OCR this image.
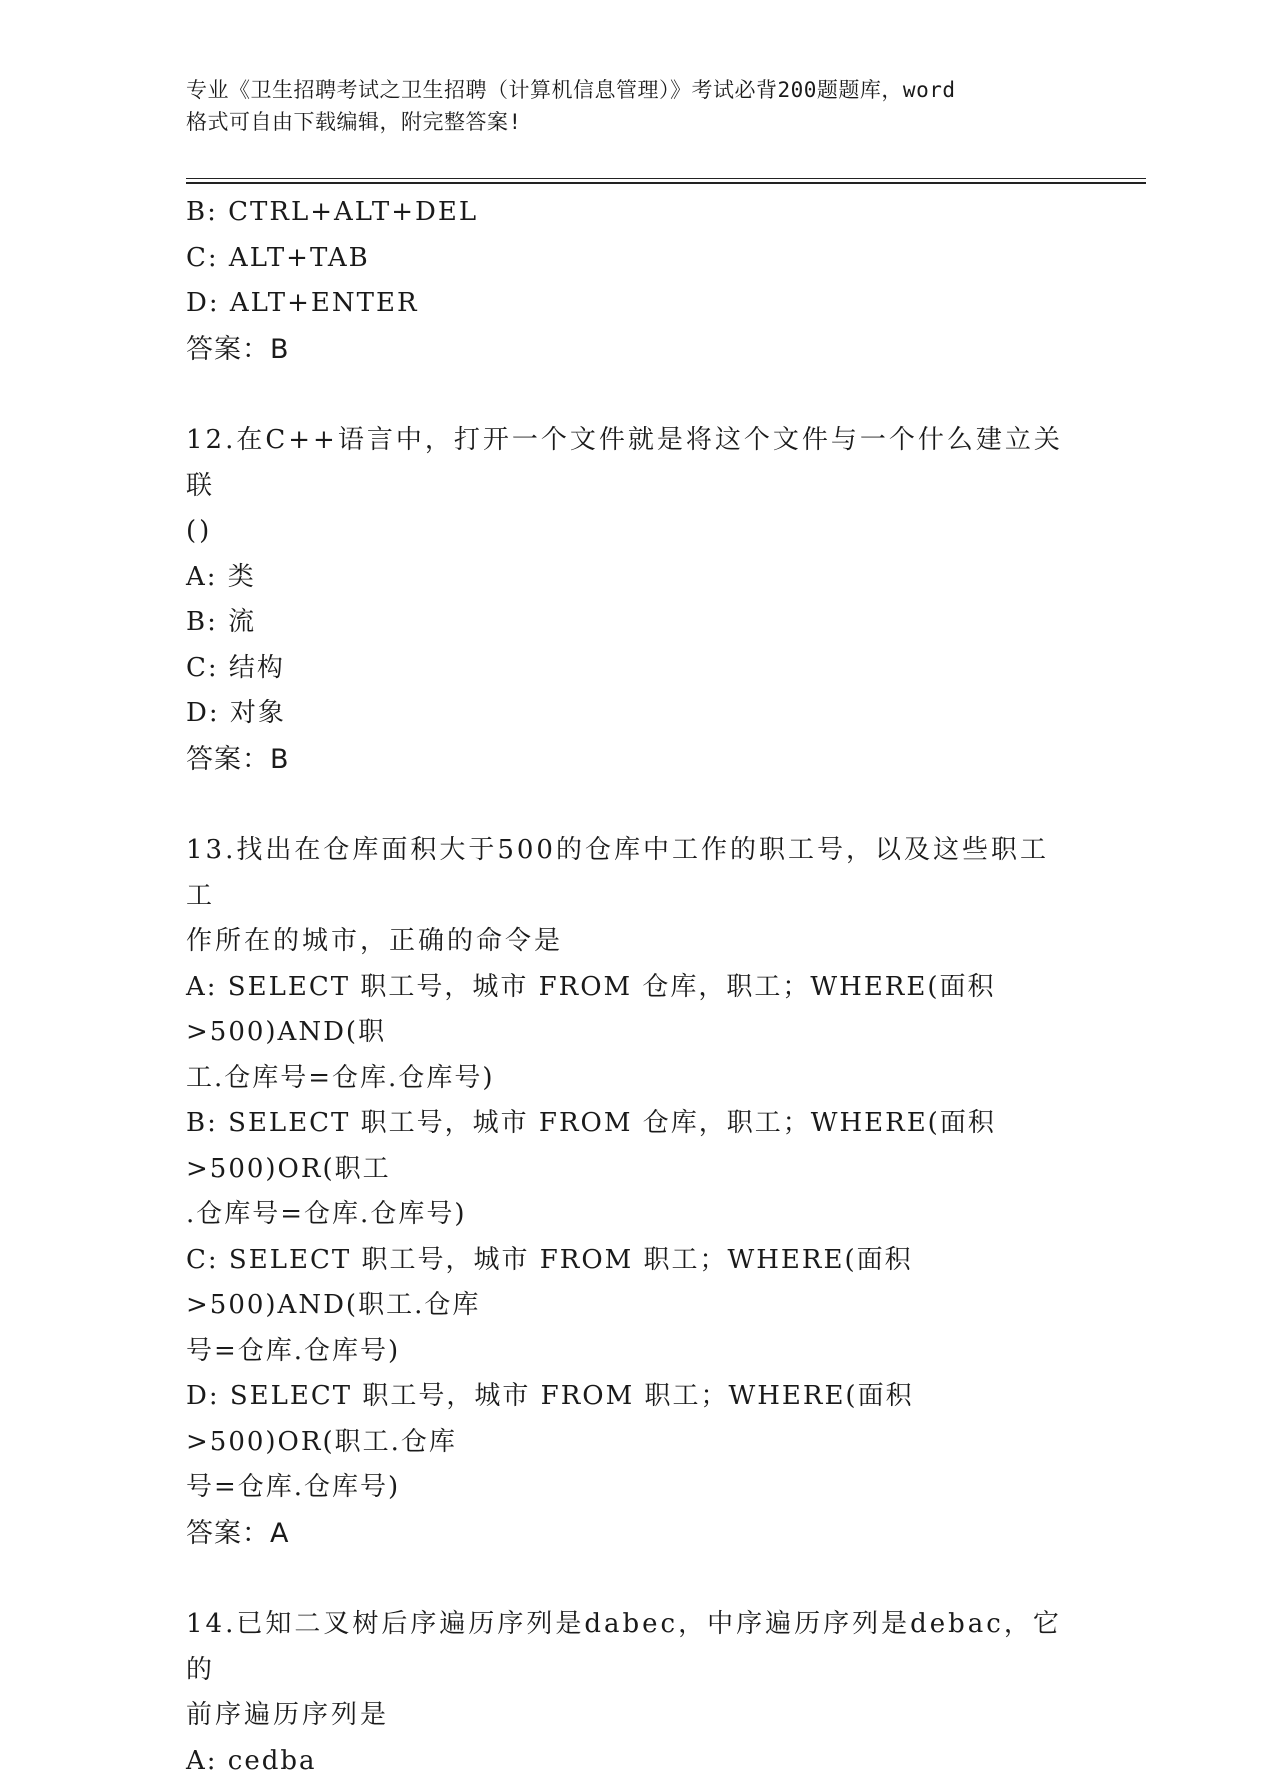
专业《卫生招聘考试之卫生招聘（计算机信息管理）》考试必背200题题库，word
格式可自由下载编辑，附完整答案!
B: CTRL+ALT+DEL
C: ALT+TAB
D: ALT+ENTER
答案：B
12.在C++语言中，打开一个文件就是将这个文件与一个什么建立关联
()
A: 类
B: 流
C: 结构
D: 对象
答案：B
13.找出在仓库面积大于500的仓库中工作的职工号，以及这些职工工
作所在的城市，正确的命令是
A: SELECT 职工号，城市 FROM 仓库，职工；WHERE(面积>500)AND(职
工.仓库号=仓库.仓库号)
B: SELECT 职工号，城市 FROM 仓库，职工；WHERE(面积>500)OR(职工
.仓库号=仓库.仓库号)
C: SELECT 职工号，城市 FROM 职工；WHERE(面积>500)AND(职工.仓库
号=仓库.仓库号)
D: SELECT 职工号，城市 FROM 职工；WHERE(面积>500)OR(职工.仓库
号=仓库.仓库号)
答案：A
14.已知二叉树后序遍历序列是dabec，中序遍历序列是debac，它的
前序遍历序列是
A: cedba
